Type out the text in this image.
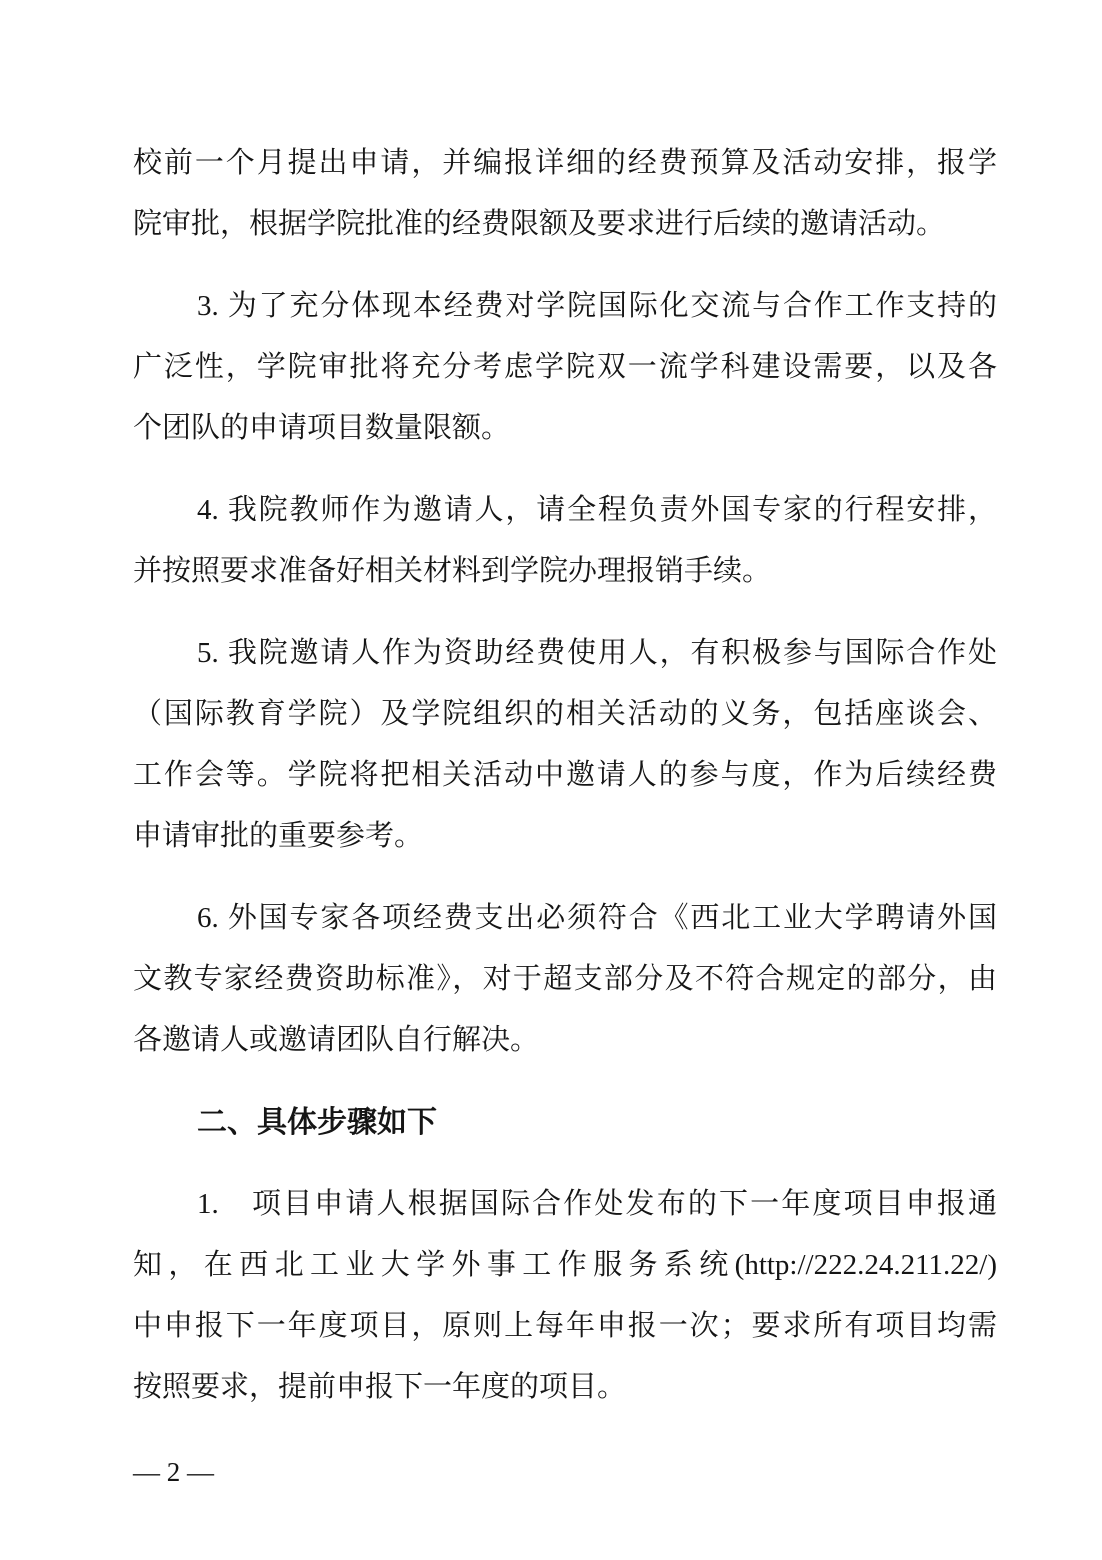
校前一个月提出申请，并编报详细的经费预算及活动安排，报学

院审批，根据学院批准的经费限额及要求进行后续的邀请活动。

3. 为了充分体现本经费对学院国际化交流与合作工作支持的

广泛性，学院审批将充分考虑学院双一流学科建设需要，以及各

个团队的申请项目数量限额。

4. 我院教师作为邀请人，请全程负责外国专家的行程安排，

并按照要求准备好相关材料到学院办理报销手续。

5. 我院邀请人作为资助经费使用人，有积极参与国际合作处

（国际教育学院）及学院组织的相关活动的义务，包括座谈会、

工作会等。学院将把相关活动中邀请人的参与度，作为后续经费

申请审批的重要参考。

6. 外国专家各项经费支出必须符合《西北工业大学聘请外国

文教专家经费资助标准》，对于超支部分及不符合规定的部分，由

各邀请人或邀请团队自行解决。

二、具体步骤如下

1.　项目申请人根据国际合作处发布的下一年度项目申报通

知，在西北工业大学外事工作服务系统(http://222.24.211.22/)

中申报下一年度项目，原则上每年申报一次；要求所有项目均需

按照要求，提前申报下一年度的项目。

— 2 —
